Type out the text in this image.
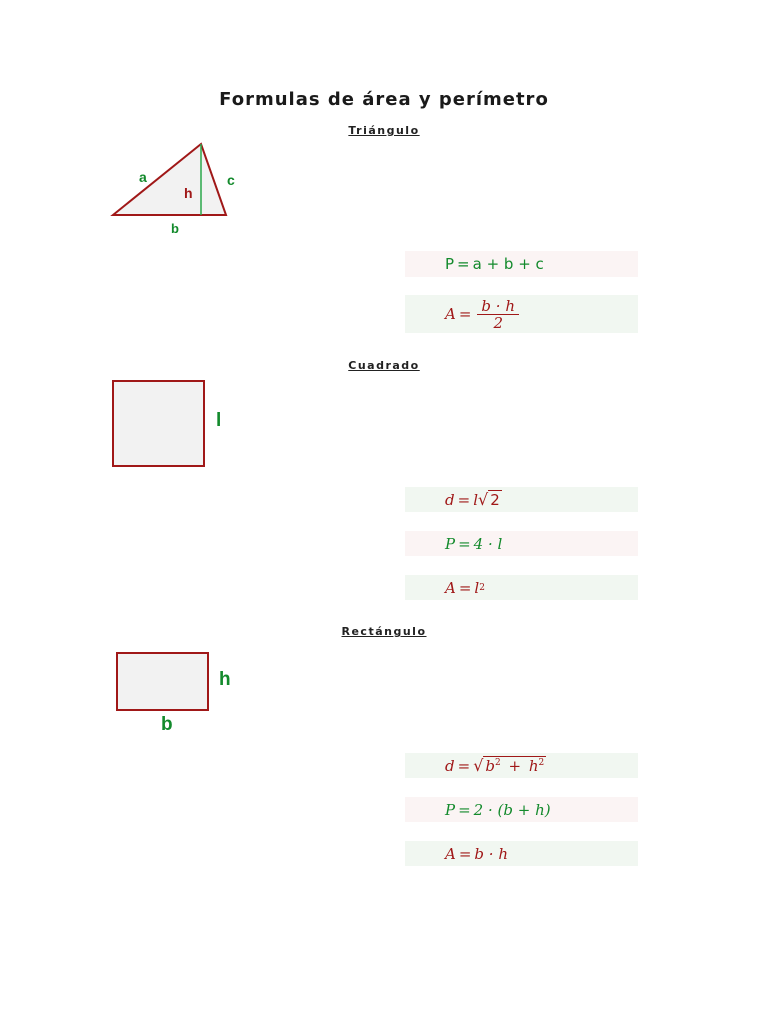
Formulas de área y perímetro
Triángulo
a
h
c
b
P = a + b + c
$A = \frac{b \cdot h}{2}$
Cuadrado
l
d = l √ 2
P = 4 · l
A = l 2
Rectángulo
h
b
d = √ $b^2 + h^2$
P = 2 · (b + h)
A = b · h
